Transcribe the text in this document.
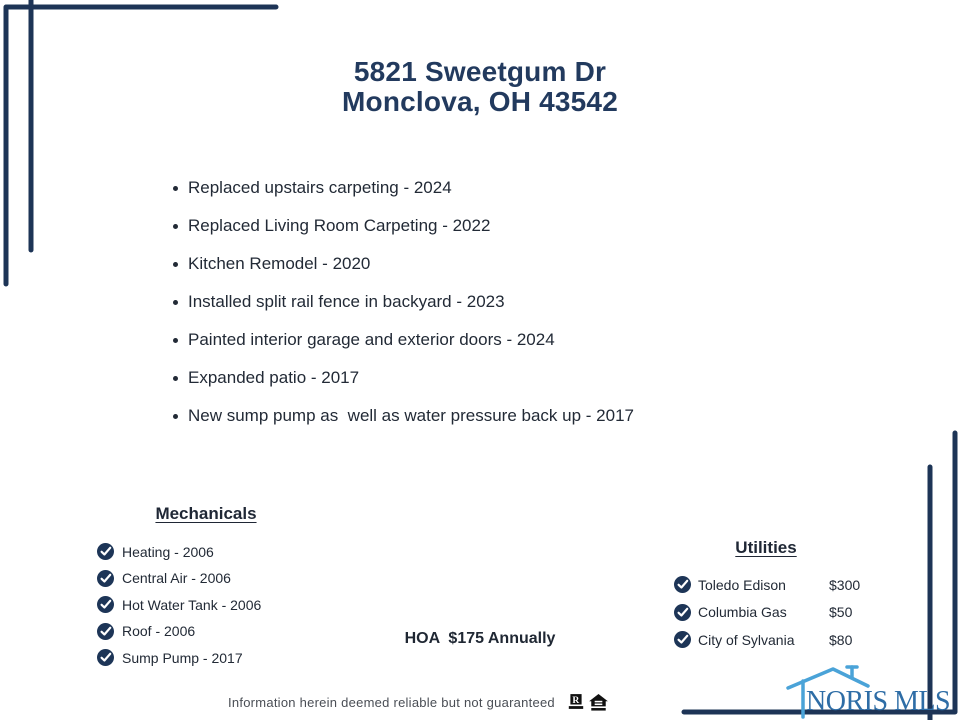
5821 Sweetgum Dr
Monclova, OH 43542
Replaced upstairs carpeting - 2024
Replaced Living Room Carpeting - 2022
Kitchen Remodel - 2020
Installed split rail fence in backyard - 2023
Painted interior garage and exterior doors - 2024
Expanded patio - 2017
New sump pump as  well as water pressure back up - 2017
Mechanicals
Heating - 2006
Central Air - 2006
Hot Water Tank - 2006
Roof - 2006
Sump Pump - 2017
Utilities
Toledo Edison	$300
Columbia Gas	$50
City of Sylvania	$80
HOA  $175 Annually
Information herein deemed reliable but not guaranteed R	NORIS MLS
